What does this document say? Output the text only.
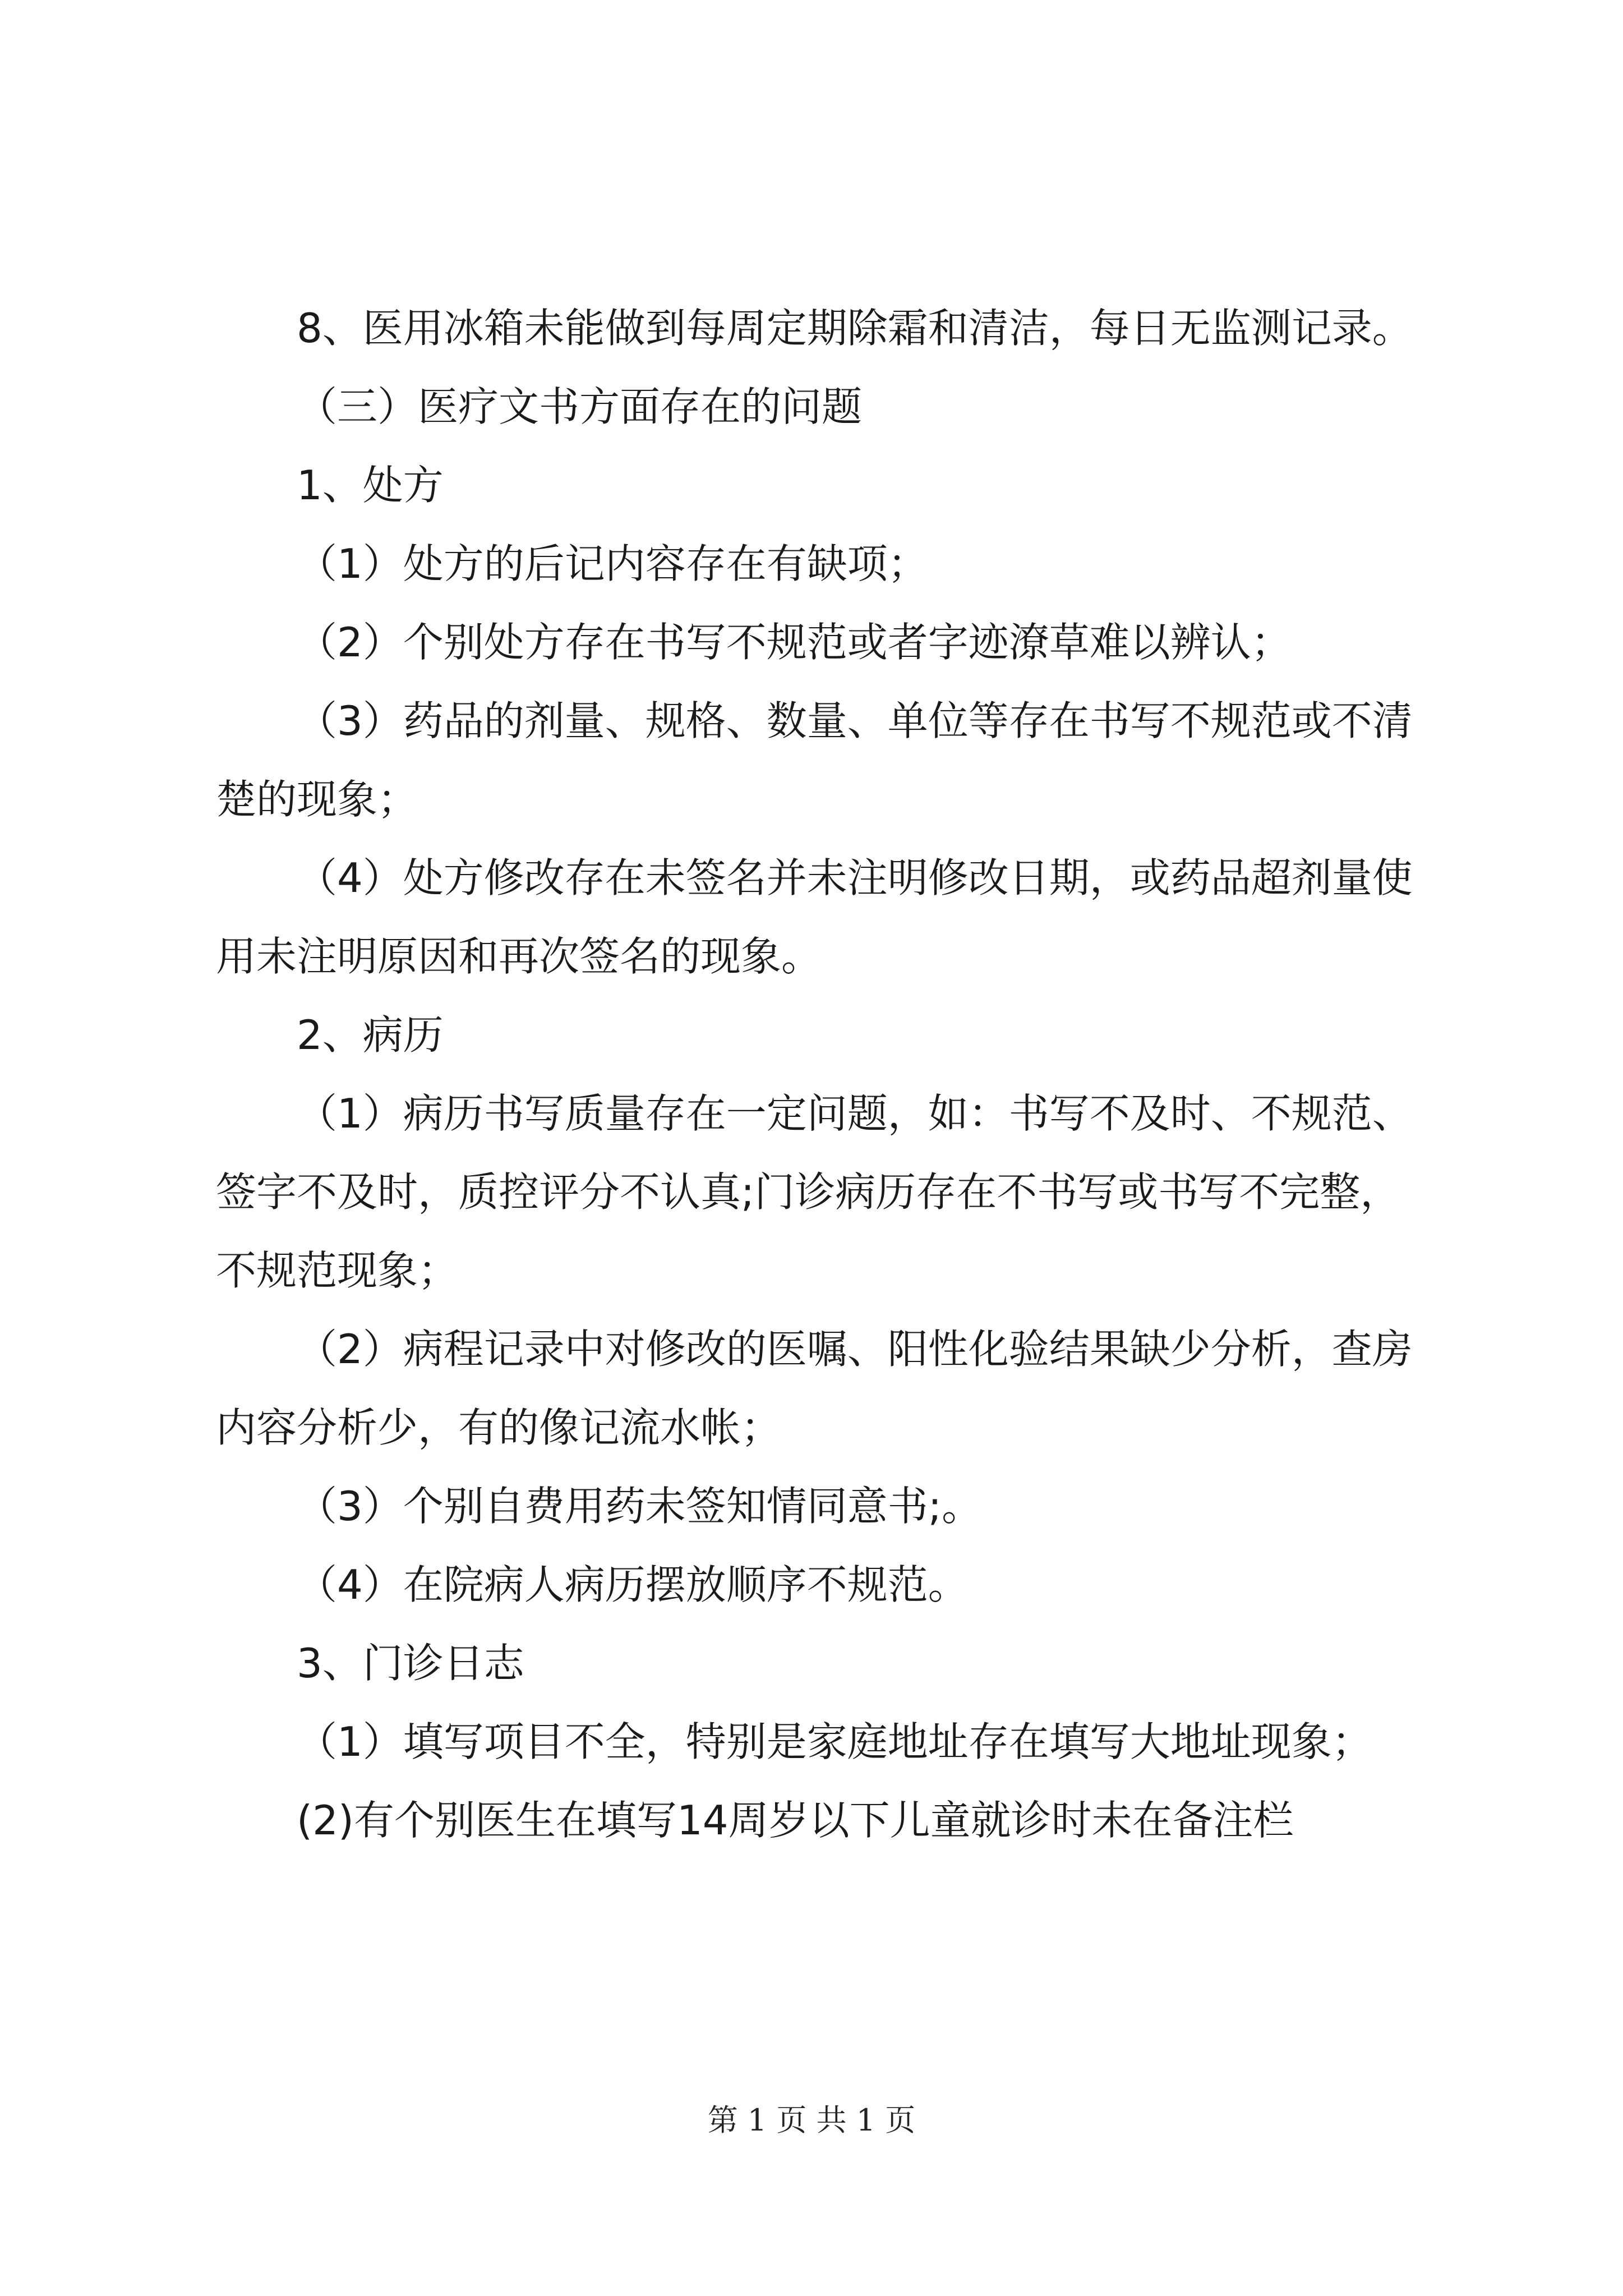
8、医用冰箱未能做到每周定期除霜和清洁，每日无监测记录。

（三）医疗文书方面存在的问题

1、处方

（1）处方的后记内容存在有缺项；

（2）个别处方存在书写不规范或者字迹潦草难以辨认；

（3）药品的剂量、规格、数量、单位等存在书写不规范或不清楚的现象；

（4）处方修改存在未签名并未注明修改日期，或药品超剂量使用未注明原因和再次签名的现象。

2、病历

（1）病历书写质量存在一定问题，如：书写不及时、不规范、签字不及时，质控评分不认真;门诊病历存在不书写或书写不完整，不规范现象；

（2）病程记录中对修改的医嘱、阳性化验结果缺少分析，查房内容分析少，有的像记流水帐；

（3）个别自费用药未签知情同意书;。

（4）在院病人病历摆放顺序不规范。

3、门诊日志

（1）填写项目不全，特别是家庭地址存在填写大地址现象；

(2)有个别医生在填写14周岁以下儿童就诊时未在备注栏

第 1 页 共 1 页
